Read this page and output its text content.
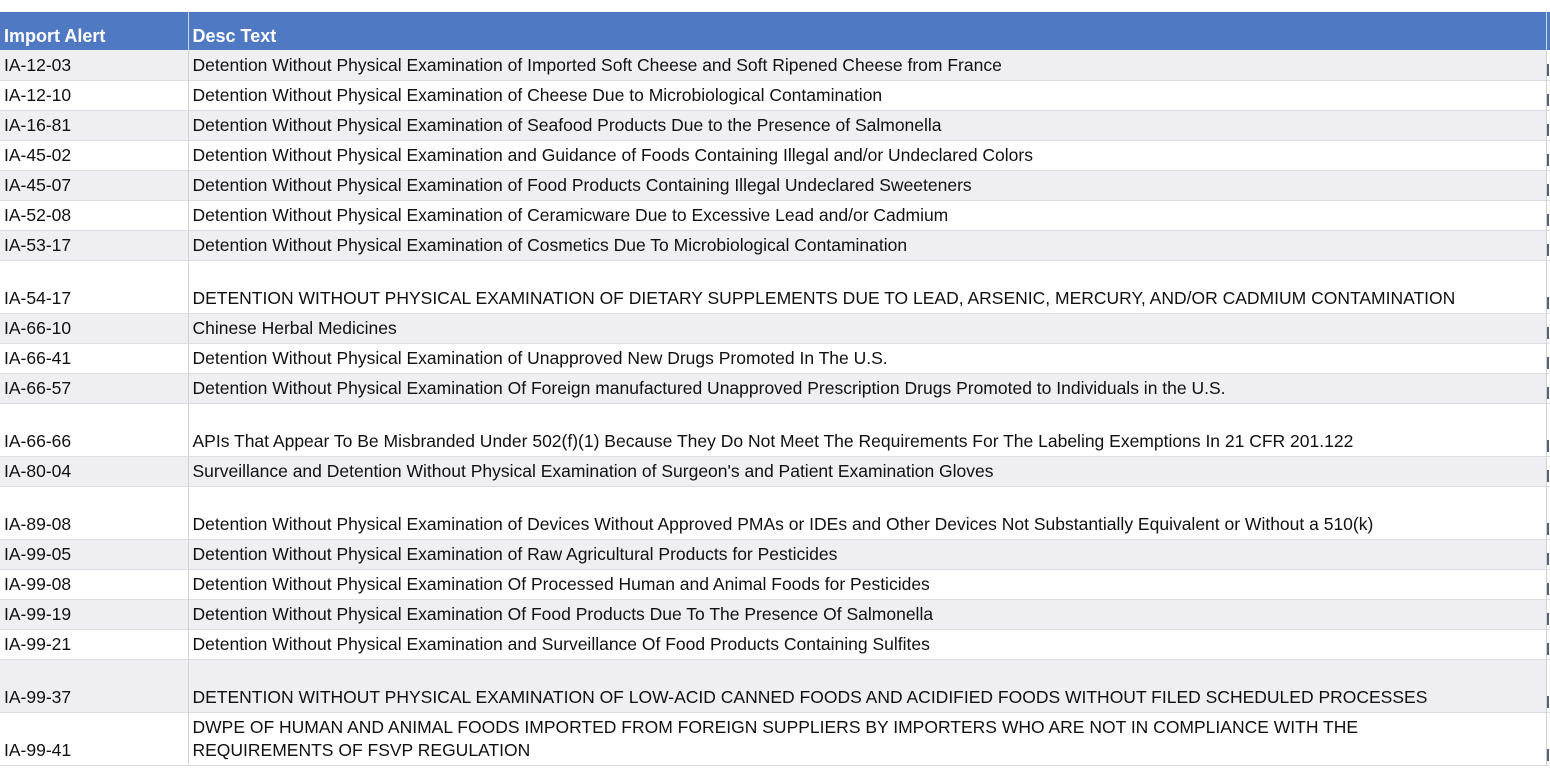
Import Alert	Desc Text	
IA-12-03	Detention Without Physical Examination of Imported Soft Cheese and Soft Ripened Cheese from France	

IA-12-10	Detention Without Physical Examination of Cheese Due to Microbiological Contamination	

IA-16-81	Detention Without Physical Examination of Seafood Products Due to the Presence of Salmonella	

IA-45-02	Detention Without Physical Examination and Guidance of Foods Containing Illegal and/or Undeclared Colors	

IA-45-07	Detention Without Physical Examination of Food Products Containing Illegal Undeclared Sweeteners	

IA-52-08	Detention Without Physical Examination of Ceramicware Due to Excessive Lead and/or Cadmium	

IA-53-17	Detention Without Physical Examination of Cosmetics Due To Microbiological Contamination	

IA-54-17	DETENTION WITHOUT PHYSICAL EXAMINATION OF DIETARY SUPPLEMENTS DUE TO LEAD, ARSENIC, MERCURY, AND/OR CADMIUM CONTAMINATION	

IA-66-10	Chinese Herbal Medicines	

IA-66-41	Detention Without Physical Examination of Unapproved New Drugs Promoted In The U.S.	

IA-66-57	Detention Without Physical Examination Of Foreign manufactured Unapproved Prescription Drugs Promoted to Individuals in the U.S.	

IA-66-66	APIs That Appear To Be Misbranded Under 502(f)(1) Because They Do Not Meet The Requirements For The Labeling Exemptions In 21 CFR 201.122	

IA-80-04	Surveillance and Detention Without Physical Examination of Surgeon's and Patient Examination Gloves	

IA-89-08	Detention Without Physical Examination of Devices Without Approved PMAs or IDEs and Other Devices Not Substantially Equivalent or Without a 510(k)	

IA-99-05	Detention Without Physical Examination of Raw Agricultural Products for Pesticides	

IA-99-08	Detention Without Physical Examination Of Processed Human and Animal Foods for Pesticides	

IA-99-19	Detention Without Physical Examination Of Food Products Due To The Presence Of Salmonella	

IA-99-21	Detention Without Physical Examination and Surveillance Of Food Products Containing Sulfites	

IA-99-37	DETENTION WITHOUT PHYSICAL EXAMINATION OF LOW-ACID CANNED FOODS AND ACIDIFIED FOODS WITHOUT FILED SCHEDULED PROCESSES	

IA-99-41	DWPE OF HUMAN AND ANIMAL FOODS IMPORTED FROM FOREIGN SUPPLIERS BY IMPORTERS WHO ARE NOT IN COMPLIANCE WITH THE REQUIREMENTS OF FSVP REGULATION	
